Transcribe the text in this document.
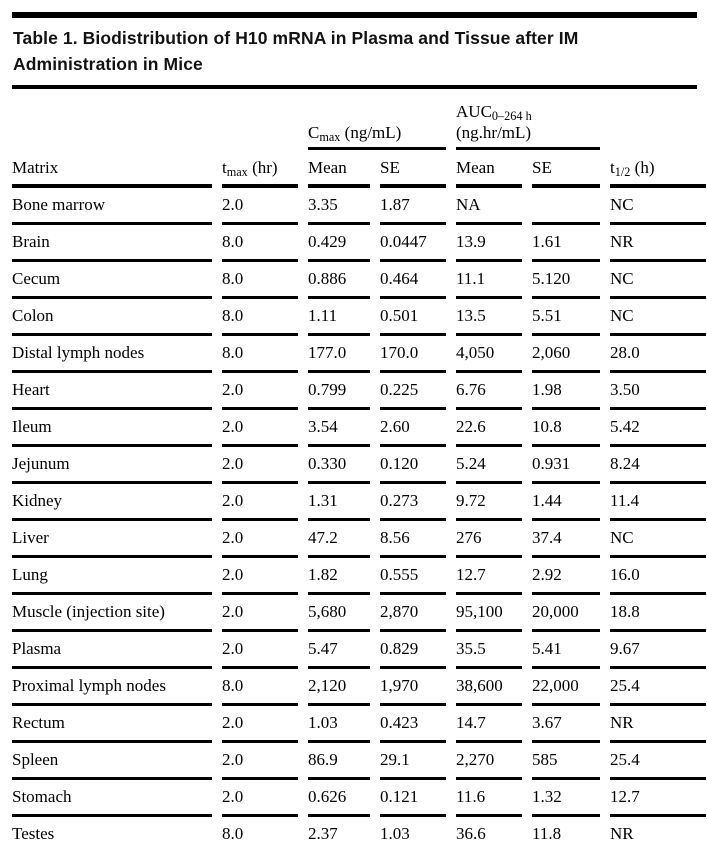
Table 1. Biodistribution of H10 mRNA in Plasma and Tissue after IM
Administration in Mice
		$C_{max}$ (ng/mL)		$AUC_{0-264 h}$
(ng.hr/mL)		

Matrix	$t_{max}$ (hr)	Mean	SE	Mean	SE	$t_{1/2}$ (h)
Bone marrow	2.0	3.35	1.87	NA		NC
Brain	8.0	0.429	0.0447	13.9	1.61	NR
Cecum	8.0	0.886	0.464	11.1	5.120	NC
Colon	8.0	1.11	0.501	13.5	5.51	NC
Distal lymph nodes	8.0	177.0	170.0	4,050	2,060	28.0
Heart	2.0	0.799	0.225	6.76	1.98	3.50
Ileum	2.0	3.54	2.60	22.6	10.8	5.42
Jejunum	2.0	0.330	0.120	5.24	0.931	8.24
Kidney	2.0	1.31	0.273	9.72	1.44	11.4
Liver	2.0	47.2	8.56	276	37.4	NC
Lung	2.0	1.82	0.555	12.7	2.92	16.0
Muscle (injection site)	2.0	5,680	2,870	95,100	20,000	18.8
Plasma	2.0	5.47	0.829	35.5	5.41	9.67
Proximal lymph nodes	8.0	2,120	1,970	38,600	22,000	25.4
Rectum	2.0	1.03	0.423	14.7	3.67	NR
Spleen	2.0	86.9	29.1	2,270	585	25.4
Stomach	2.0	0.626	0.121	11.6	1.32	12.7
Testes	8.0	2.37	1.03	36.6	11.8	NR
